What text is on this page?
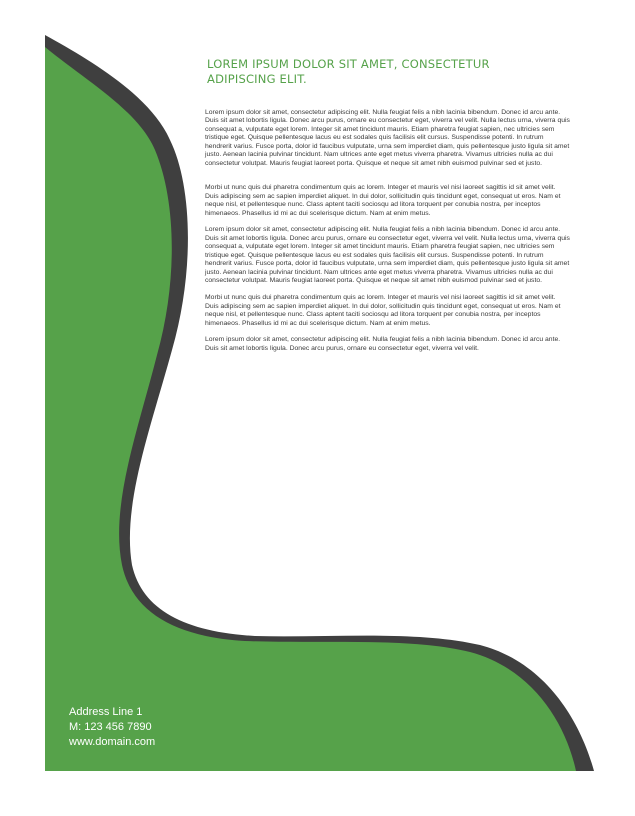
LOREM IPSUM DOLOR SIT AMET, CONSECTETUR
ADIPISCING ELIT.

Lorem ipsum dolor sit amet, consectetur adipiscing elit. Nulla feugiat felis a nibh lacinia bibendum. Donec id arcu ante. Duis sit amet lobortis ligula. Donec arcu purus, ornare eu consectetur eget, viverra vel velit. Nulla lectus urna, viverra quis consequat a, vulputate eget lorem. Integer sit amet tincidunt mauris. Etiam pharetra feugiat sapien, nec ultricies sem tristique eget. Quisque pellentesque lacus eu est sodales quis facilisis elit cursus. Suspendisse potenti. In rutrum hendrerit varius. Fusce porta, dolor id faucibus vulputate, urna sem imperdiet diam, quis pellentesque justo ligula sit amet justo. Aenean lacinia pulvinar tincidunt. Nam ultrices ante eget metus viverra pharetra. Vivamus ultricies nulla ac dui consectetur volutpat. Mauris feugiat laoreet porta. Quisque et neque sit amet nibh euismod pulvinar sed et justo.

Morbi ut nunc quis dui pharetra condimentum quis ac lorem. Integer et mauris vel nisi laoreet sagittis id sit amet velit. Duis adipiscing sem ac sapien imperdiet aliquet. In dui dolor, sollicitudin quis tincidunt eget, consequat ut eros. Nam et neque nisl, et pellentesque nunc. Class aptent taciti sociosqu ad litora torquent per conubia nostra, per inceptos himenaeos. Phasellus id mi ac dui scelerisque dictum. Nam at enim metus.

Lorem ipsum dolor sit amet, consectetur adipiscing elit. Nulla feugiat felis a nibh lacinia bibendum. Donec id arcu ante. Duis sit amet lobortis ligula. Donec arcu purus, ornare eu consectetur eget, viverra vel velit. Nulla lectus urna, viverra quis consequat a, vulputate eget lorem. Integer sit amet tincidunt mauris. Etiam pharetra feugiat sapien, nec ultricies sem tristique eget. Quisque pellentesque lacus eu est sodales quis facilisis elit cursus. Suspendisse potenti. In rutrum hendrerit varius. Fusce porta, dolor id faucibus vulputate, urna sem imperdiet diam, quis pellentesque justo ligula sit amet justo. Aenean lacinia pulvinar tincidunt. Nam ultrices ante eget metus viverra pharetra. Vivamus ultricies nulla ac dui consectetur volutpat. Mauris feugiat laoreet porta. Quisque et neque sit amet nibh euismod pulvinar sed et justo.

Morbi ut nunc quis dui pharetra condimentum quis ac lorem. Integer et mauris vel nisi laoreet sagittis id sit amet velit. Duis adipiscing sem ac sapien imperdiet aliquet. In dui dolor, sollicitudin quis tincidunt eget, consequat ut eros. Nam et neque nisl, et pellentesque nunc. Class aptent taciti sociosqu ad litora torquent per conubia nostra, per inceptos himenaeos. Phasellus id mi ac dui scelerisque dictum. Nam at enim metus.

Lorem ipsum dolor sit amet, consectetur adipiscing elit. Nulla feugiat felis a nibh lacinia bibendum. Donec id arcu ante. Duis sit amet lobortis ligula. Donec arcu purus, ornare eu consectetur eget, viverra vel velit.

Address Line 1
M: 123 456 7890
www.domain.com
